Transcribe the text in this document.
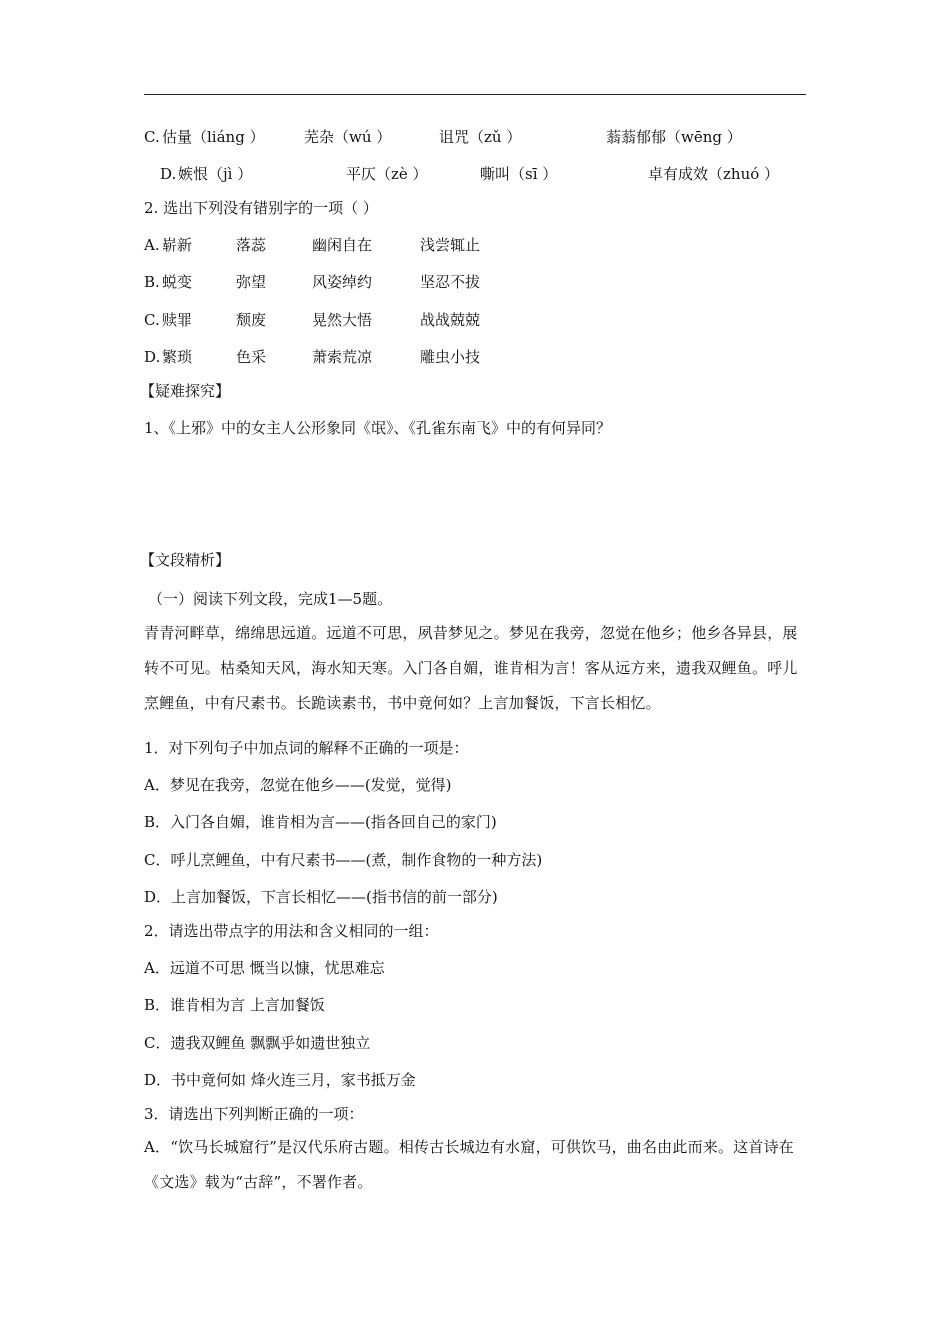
C. 估量（liáng ）	芜杂（wú ）	诅咒（zǔ ）	蓊蓊郁郁（wēng ）
D. 嫉恨（jì ）	平仄（zè ）	嘶叫（sī ）	卓有成效（zhuó ）
2. 选出下列没有错别字的一项（ ）
A. 崭新	落蕊	幽闲自在	浅尝辄止
B. 蜕变	弥望	风姿绰约	坚忍不拔
C. 赎罪	颓废	晃然大悟	战战兢兢
D. 繁琐	色采	萧索荒凉	雕虫小技
【疑难探究】
1、《上邪》中的女主人公形象同《氓》、《孔雀东南飞》中的有何异同？
【文段精析】
（一）阅读下列文段，完成1—5题。
青青河畔草，绵绵思远道。远道不可思，夙昔梦见之。梦见在我旁，忽觉在他乡；他乡各异县，展转不可见。枯桑知天风，海水知天寒。入门各自媚，谁肯相为言！客从远方来，遗我双鲤鱼。呼儿烹鲤鱼，中有尺素书。长跪读素书，书中竟何如？上言加餐饭，下言长相忆。
1．对下列句子中加点词的解释不正确的一项是：
A．梦见在我旁，忽觉在他乡——(发觉，觉得)
B．入门各自媚，谁肯相为言——(指各回自己的家门)
C．呼儿烹鲤鱼，中有尺素书——(煮，制作食物的一种方法)
D．上言加餐饭，下言长相忆——(指书信的前一部分)
2．请选出带点字的用法和含义相同的一组：
A．远道不可思 慨当以慷，忧思难忘
B．谁肯相为言 上言加餐饭
C．遗我双鲤鱼 飘飘乎如遗世独立
D．书中竟何如 烽火连三月，家书抵万金
3．请选出下列判断正确的一项：
A．“饮马长城窟行”是汉代乐府古题。相传古长城边有水窟，可供饮马，曲名由此而来。这首诗在《文选》载为“古辞”，不署作者。
